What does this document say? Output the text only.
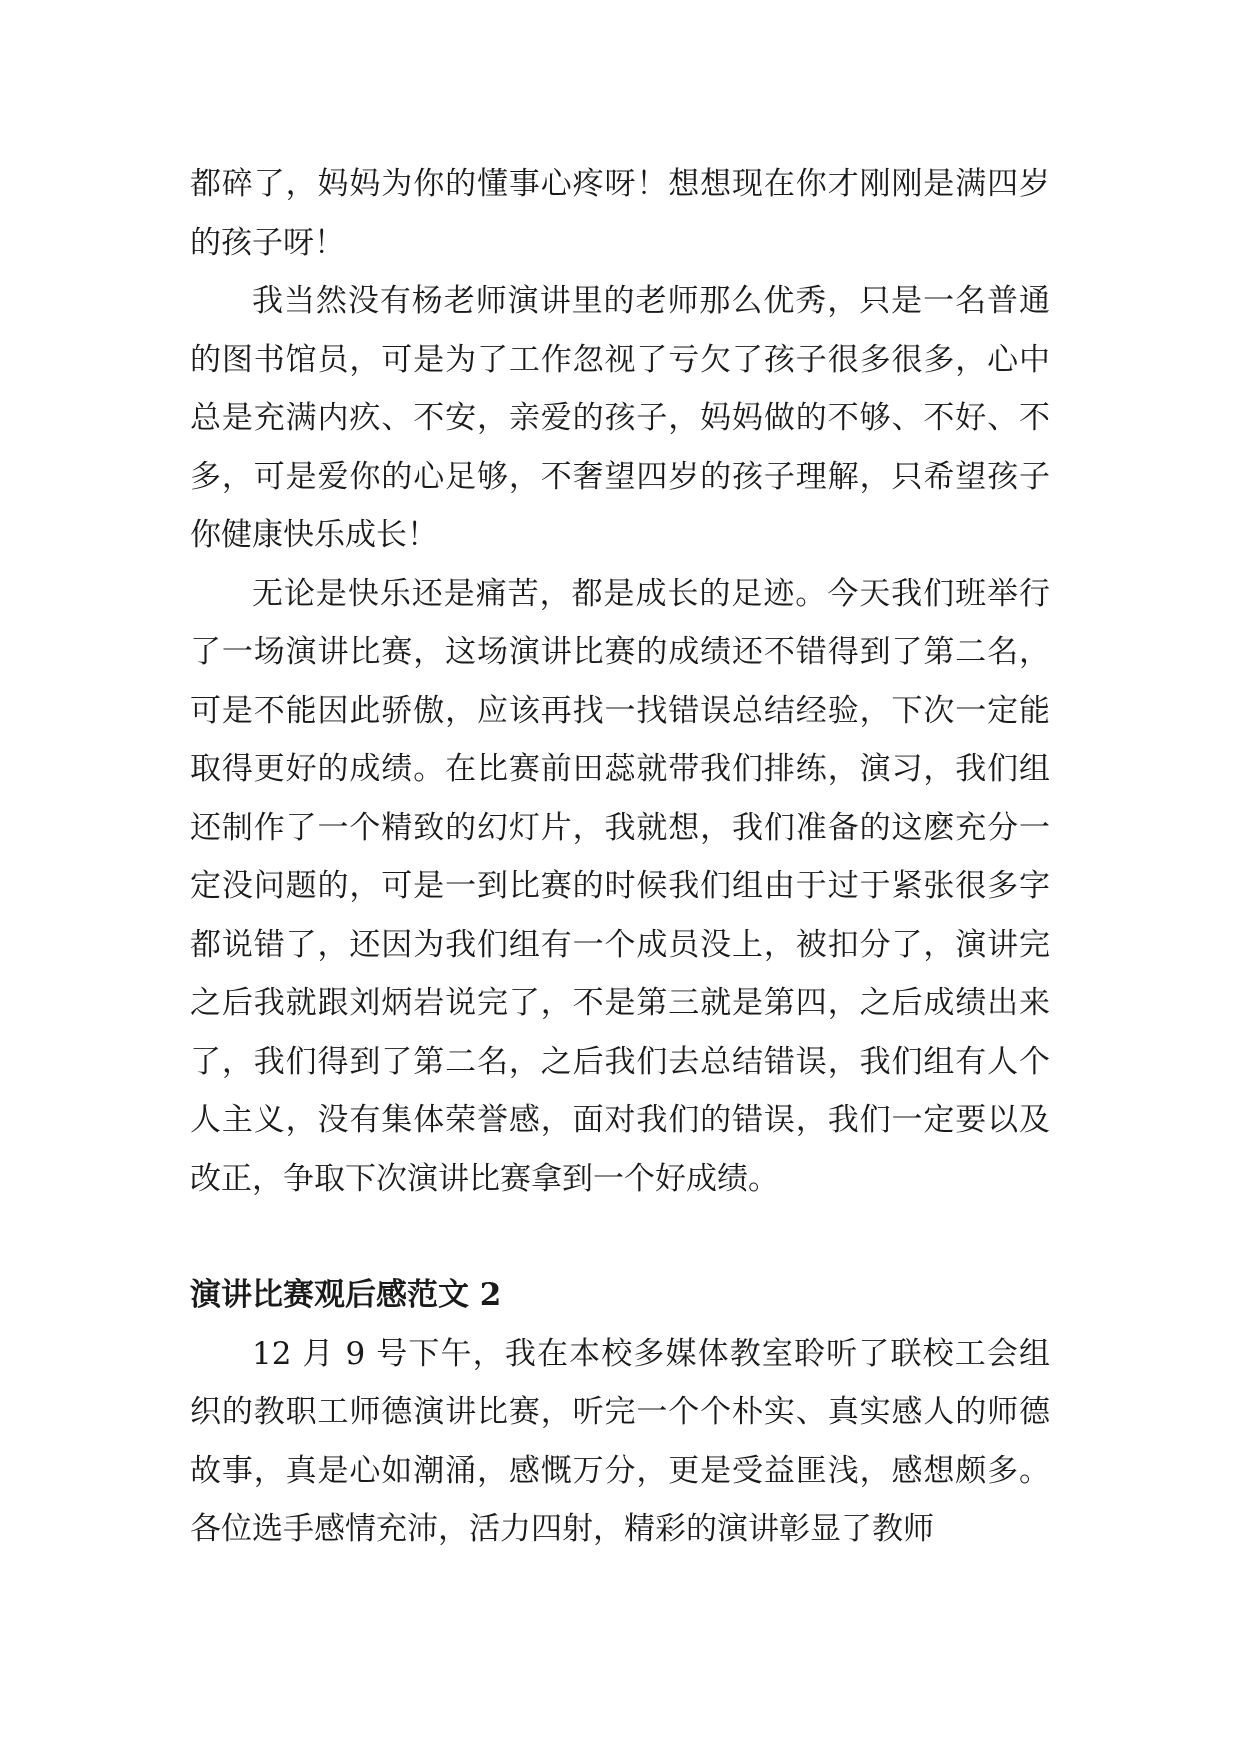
都碎了，妈妈为你的懂事心疼呀！想想现在你才刚刚是满四岁的孩子呀！

我当然没有杨老师演讲里的老师那么优秀，只是一名普通的图书馆员，可是为了工作忽视了亏欠了孩子很多很多，心中总是充满内疚、不安，亲爱的孩子，妈妈做的不够、不好、不多，可是爱你的心足够，不奢望四岁的孩子理解，只希望孩子你健康快乐成长！

无论是快乐还是痛苦，都是成长的足迹。今天我们班举行了一场演讲比赛，这场演讲比赛的成绩还不错得到了第二名，可是不能因此骄傲，应该再找一找错误总结经验，下次一定能取得更好的成绩。在比赛前田蕊就带我们排练，演习，我们组还制作了一个精致的幻灯片，我就想，我们准备的这麽充分一定没问题的，可是一到比赛的时候我们组由于过于紧张很多字都说错了，还因为我们组有一个成员没上，被扣分了，演讲完之后我就跟刘炳岩说完了，不是第三就是第四，之后成绩出来了，我们得到了第二名，之后我们去总结错误，我们组有人个人主义，没有集体荣誉感，面对我们的错误，我们一定要以及改正，争取下次演讲比赛拿到一个好成绩。

演讲比赛观后感范文 2

12 月 9 号下午，我在本校多媒体教室聆听了联校工会组织的教职工师德演讲比赛，听完一个个朴实、真实感人的师德故事，真是心如潮涌，感慨万分，更是受益匪浅，感想颇多。各位选手感情充沛，活力四射，精彩的演讲彰显了教师
